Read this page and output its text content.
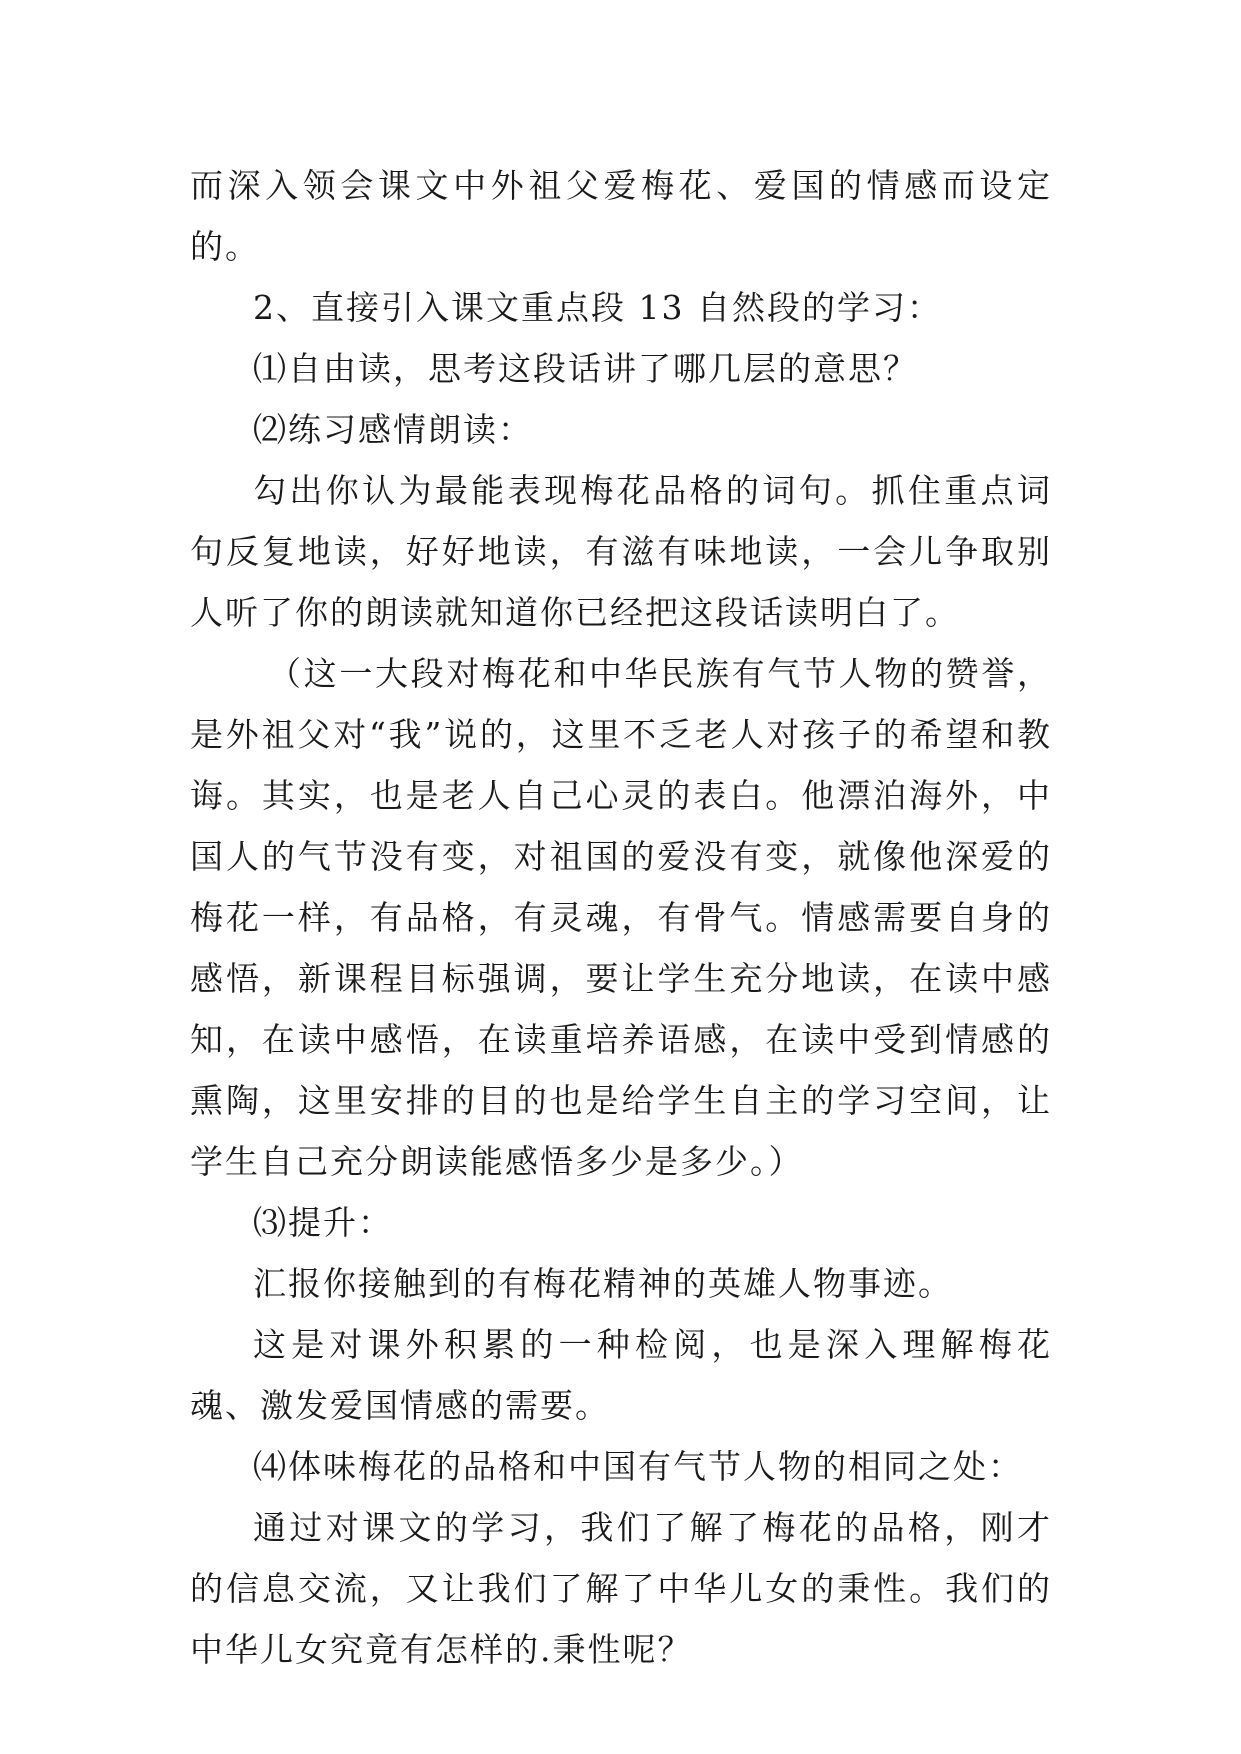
而深入领会课文中外祖父爱梅花、爱国的情感而设定的。

2、直接引入课文重点段 13 自然段的学习：

⑴自由读，思考这段话讲了哪几层的意思？

⑵练习感情朗读：

勾出你认为最能表现梅花品格的词句。抓住重点词句反复地读，好好地读，有滋有味地读，一会儿争取别人听了你的朗读就知道你已经把这段话读明白了。

（这一大段对梅花和中华民族有气节人物的赞誉，是外祖父对“我”说的，这里不乏老人对孩子的希望和教诲。其实，也是老人自己心灵的表白。他漂泊海外，中国人的气节没有变，对祖国的爱没有变，就像他深爱的梅花一样，有品格，有灵魂，有骨气。情感需要自身的感悟，新课程目标强调，要让学生充分地读，在读中感知，在读中感悟，在读重培养语感，在读中受到情感的熏陶，这里安排的目的也是给学生自主的学习空间，让学生自己充分朗读能感悟多少是多少。）

⑶提升：

汇报你接触到的有梅花精神的英雄人物事迹。

这是对课外积累的一种检阅，也是深入理解梅花魂、激发爱国情感的需要。

⑷体味梅花的品格和中国有气节人物的相同之处：

通过对课文的学习，我们了解了梅花的品格，刚才的信息交流，又让我们了解了中华儿女的秉性。我们的中华儿女究竟有怎样的.秉性呢？
